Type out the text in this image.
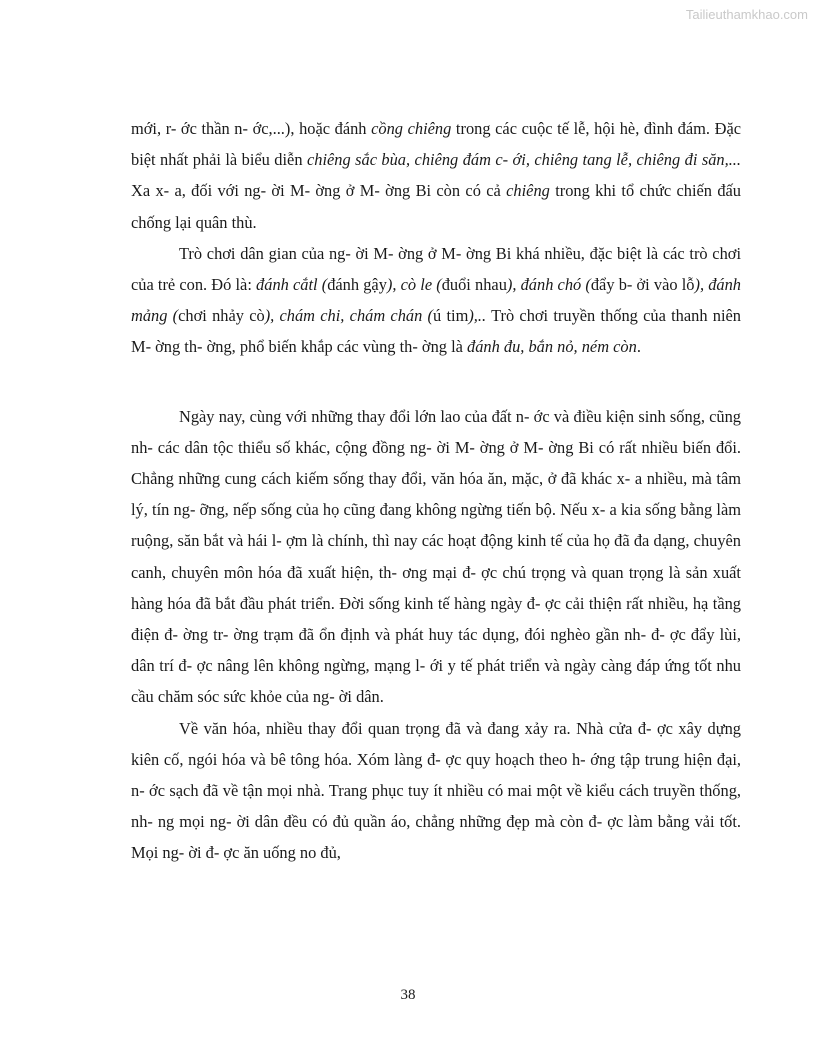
Tailieuthamkhao.com

mới, r- ớc thần n- ớc,...), hoặc đánh cồng chiêng trong các cuộc tế lễ, hội hè, đình đám. Đặc biệt nhất phải là biểu diễn chiêng sắc bùa, chiêng đám c- ới, chiêng tang lễ, chiêng đi săn,... Xa x- a, đối với ng- ời M- ờng ở M- ờng Bi còn có cả chiêng trong khi tổ chức chiến đấu chống lại quân thù.

Trò chơi dân gian của ng- ời M- ờng ở M- ờng Bi khá nhiều, đặc biệt là các trò chơi của trẻ con. Đó là: đánh cắtl (đánh gậy), cò le (đuổi nhau), đánh chó (đẩy b- ởi vào lỗ), đánh mảng (chơi nhảy cò), chám chi, chám chán (ú tim),.. Trò chơi truyền thống của thanh niên M- ờng th- ờng, phổ biến khắp các vùng th- ờng là đánh đu, bắn nỏ, ném còn.

Ngày nay, cùng với những thay đổi lớn lao của đất n- ớc và điều kiện sinh sống, cũng nh- các dân tộc thiểu số khác, cộng đồng ng- ời M- ờng ở M- ờng Bi có rất nhiều biến đổi. Chẳng những cung cách kiếm sống thay đổi, văn hóa ăn, mặc, ở đã khác x- a nhiều, mà tâm lý, tín ng- ỡng, nếp sống của họ cũng đang không ngừng tiến bộ. Nếu x- a kia sống bằng làm ruộng, săn bắt và hái l- ợm là chính, thì nay các hoạt động kinh tế của họ đã đa dạng, chuyên canh, chuyên môn hóa đã xuất hiện, th- ơng mại đ- ợc chú trọng và quan trọng là sản xuất hàng hóa đã bắt đầu phát triển. Đời sống kinh tế hàng ngày đ- ợc cải thiện rất nhiều, hạ tầng điện đ- ờng tr- ờng trạm đã ổn định và phát huy tác dụng, đói nghèo gần nh- đ- ợc đẩy lùi, dân trí đ- ợc nâng lên không ngừng, mạng l- ới y tế phát triển và ngày càng đáp ứng tốt nhu cầu chăm sóc sức khỏe của ng- ời dân.

Về văn hóa, nhiều thay đổi quan trọng đã và đang xảy ra. Nhà cửa đ- ợc xây dựng kiên cố, ngói hóa và bê tông hóa. Xóm làng đ- ợc quy hoạch theo h- ớng tập trung hiện đại, n- ớc sạch đã về tận mọi nhà. Trang phục tuy ít nhiều có mai một về kiểu cách truyền thống, nh- ng mọi ng- ời dân đều có đủ quần áo, chẳng những đẹp mà còn đ- ợc làm bằng vải tốt. Mọi ng- ời đ- ợc ăn uống no đủ,

38
